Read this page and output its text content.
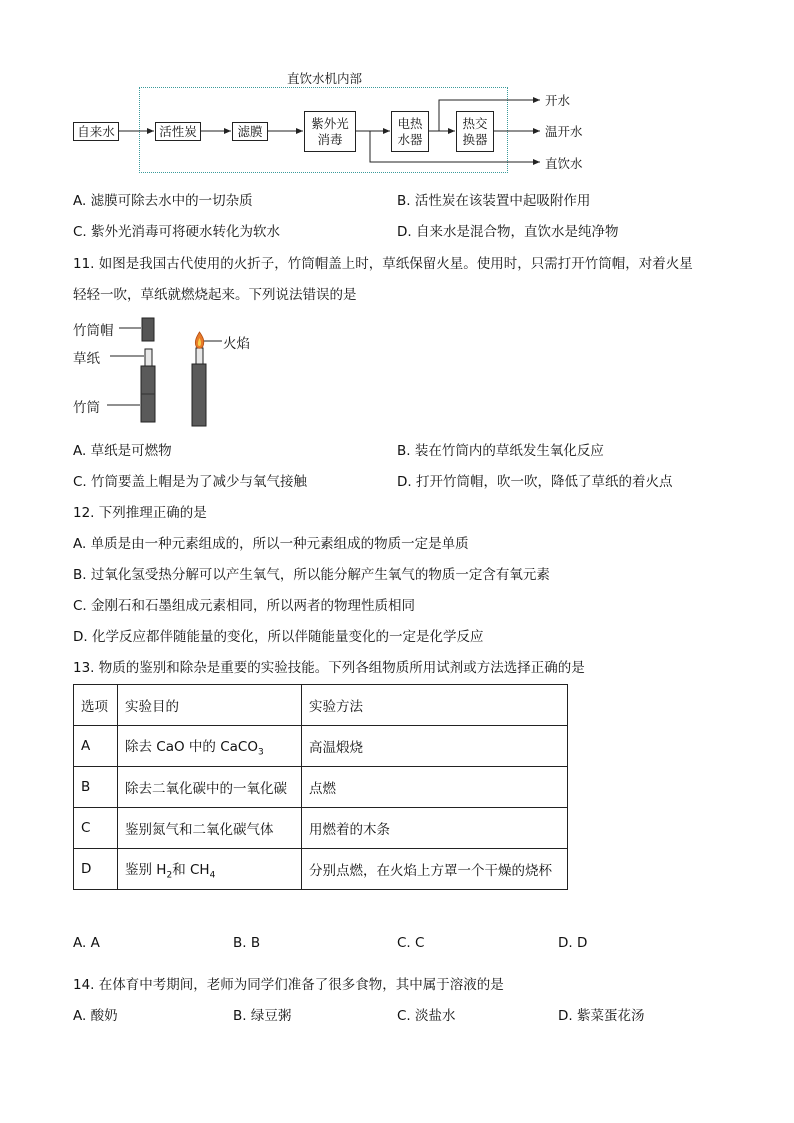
直饮水机内部
自来水	活性炭	滤膜
紫外光
消毒
电热
水器
热交
换器
开水
温开水
直饮水
A. 滤膜可除去水中的一切杂质	B. 活性炭在该装置中起吸附作用
C. 紫外光消毒可将硬水转化为软水	D. 自来水是混合物，直饮水是纯净物
11. 如图是我国古代使用的火折子，竹筒帽盖上时，草纸保留火星。使用时，只需打开竹筒帽，对着火星
轻轻一吹，草纸就燃烧起来。下列说法错误的是
竹筒帽
草纸
竹筒
火焰
A. 草纸是可燃物	B. 装在竹筒内的草纸发生氧化反应
C. 竹筒要盖上帽是为了减少与氧气接触	D. 打开竹筒帽，吹一吹，降低了草纸的着火点
12. 下列推理正确的是
A. 单质是由一种元素组成的，所以一种元素组成的物质一定是单质
B. 过氧化氢受热分解可以产生氧气，所以能分解产生氧气的物质一定含有氧元素
C. 金刚石和石墨组成元素相同，所以两者的物理性质相同
D. 化学反应都伴随能量的变化，所以伴随能量变化的一定是化学反应
13. 物质的鉴别和除杂是重要的实验技能。下列各组物质所用试剂或方法选择正确的是
选项	实验目的	实验方法
A	除去 CaO 中的 CaCO$_3$	高温煅烧
B	除去二氧化碳中的一氧化碳	点燃
C	鉴别氮气和二氧化碳气体	用燃着的木条
D	鉴别 $H_2$和 $CH_4$	分别点燃，在火焰上方罩一个干燥的烧杯
A. A	B. B	C. C	D. D
14. 在体育中考期间，老师为同学们准备了很多食物，其中属于溶液的是
A. 酸奶	B. 绿豆粥	C. 淡盐水	D. 紫菜蛋花汤
